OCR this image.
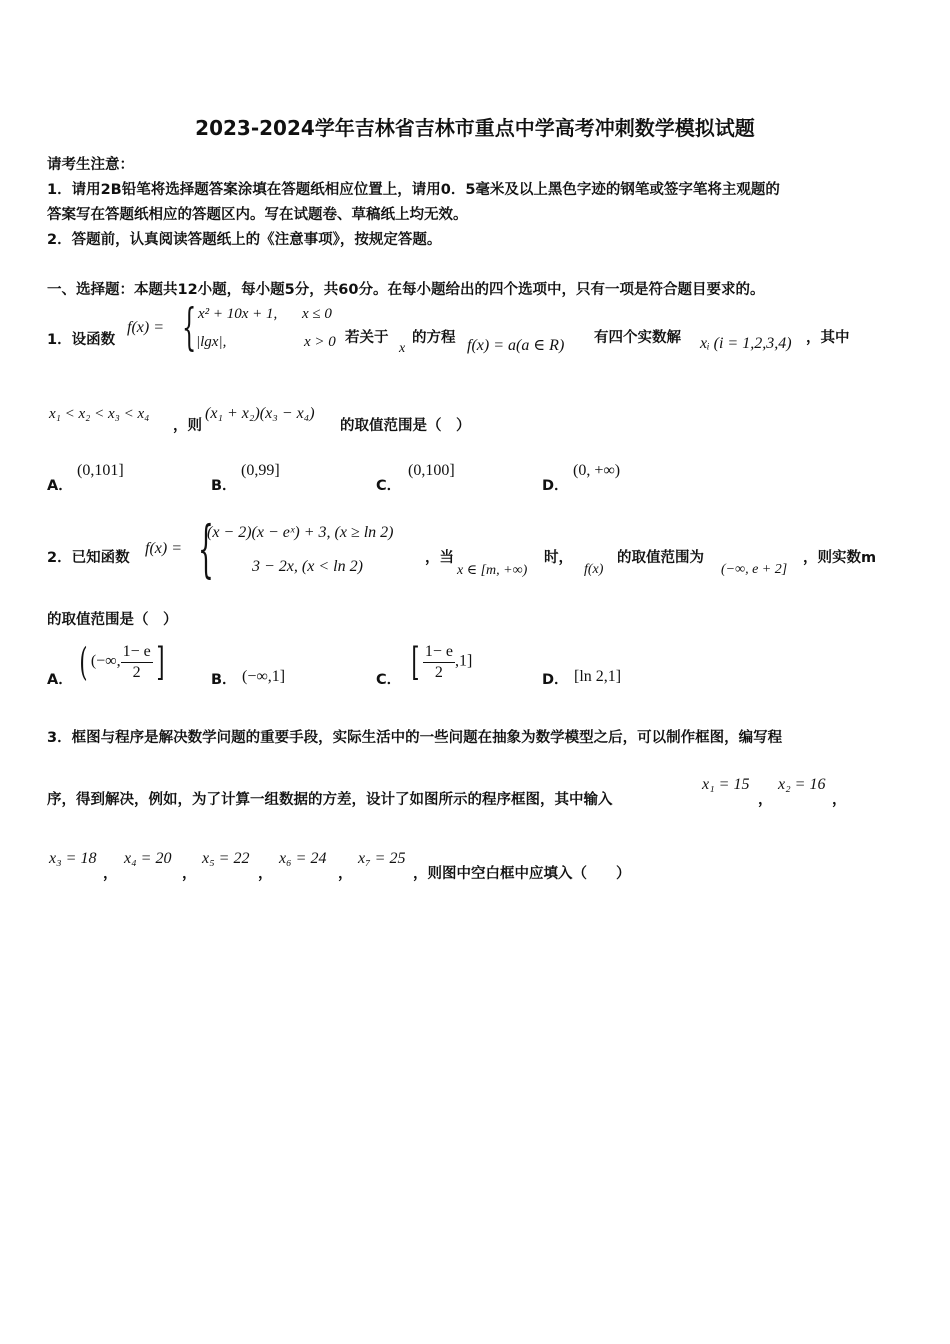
2023-2024学年吉林省吉林市重点中学高考冲刺数学模拟试题
请考生注意：
1．请用2B铅笔将选择题答案涂填在答题纸相应位置上，请用0．5毫米及以上黑色字迹的钢笔或签字笔将主观题的
答案写在答题纸相应的答题区内。写在试题卷、草稿纸上均无效。
2．答题前，认真阅读答题纸上的《注意事项》，按规定答题。
一、选择题：本题共12小题，每小题5分，共60分。在每小题给出的四个选项中，只有一项是符合题目要求的。
1．设函数
f(x) = { x² + 10x + 1, x ≤ 0
|lgx|,	x > 0 若关于
x
的方程 f(x) = a(a ∈ R) 有四个实数解 xᵢ (i = 1,2,3,4) ，其中
x₁ < x₂ < x₃ < x₄
，则
(x₁ + x₂)(x₃ − x₄)
的取值范围是（　）
A．
(0,101]
B．
(0,99]
C．
(0,100]
D．
(0, +∞)
2．已知函数
f(x) = {
(x − 2)(x − eˣ) + 3, (x ≥ ln 2)
3 − 2x, (x < ln 2)	，当
x ∈ [m, +∞)
时，
f(x)
的取值范围为
(−∞, e + 2]
，则实数m
的取值范围是（　）
A． ( (−∞, $\frac{1- e}{2}$ ]	B． (−∞,1]	C． [ $\frac{1- e}{2} ,1$]
D． [ln 2,1]
3．框图与程序是解决数学问题的重要手段，实际生活中的一些问题在抽象为数学模型之后，可以制作框图，编写程
序，得到解决，例如，为了计算一组数据的方差，设计了如图所示的程序框图，其中输入
x₁ = 15
，
x₂ = 16
，
x₃ = 18
，
x₄ = 20
，
x₅ = 22
，
x₆ = 24
，
x₇ = 25
，则图中空白框中应填入（　　）
